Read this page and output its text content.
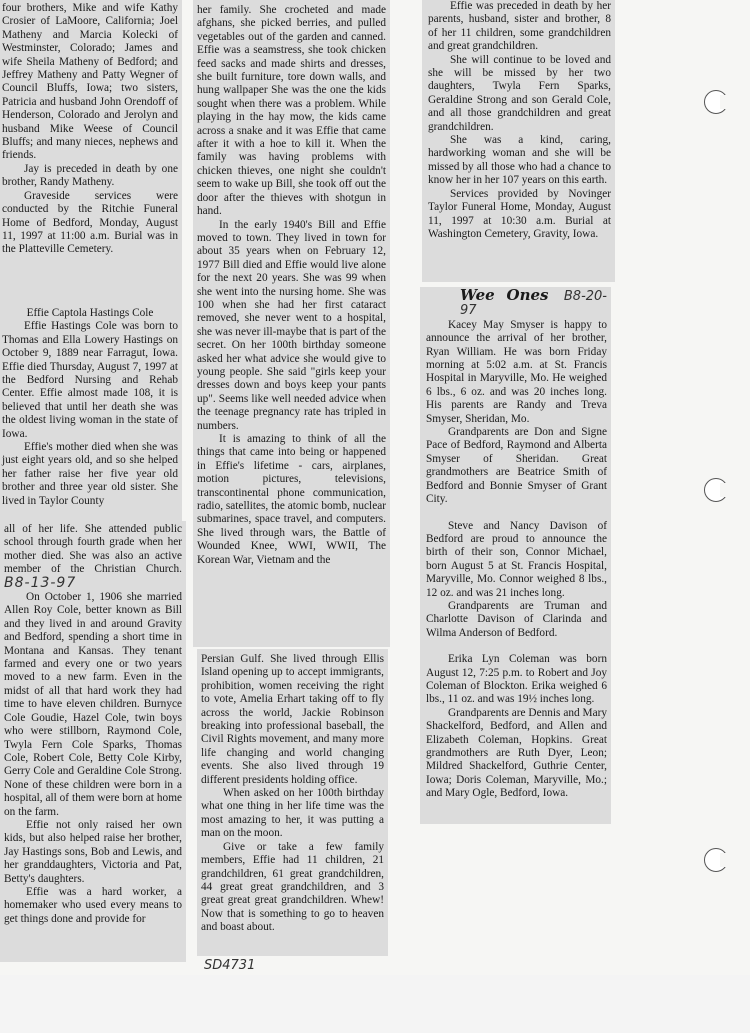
four brothers, Mike and wife Kathy Crosier of LaMoore, California; Joel Matheny and Marcia Kolecki of Westminster, Colorado; James and wife Sheila Matheny of Bedford; and Jeffrey Matheny and Patty Wegner of Council Bluffs, Iowa; two sisters, Patricia and husband John Orendoff of Henderson, Colorado and Jerolyn and husband Mike Weese of Council Bluffs; and many nieces, nephews and friends.

Jay is preceded in death by one brother, Randy Matheny.

Graveside services were conducted by the Ritchie Funeral Home of Bedford, Monday, August 11, 1997 at 11:00 a.m. Burial was in the Platteville Cemetery.

Effie Captola Hastings Cole

Effie Hastings Cole was born to Thomas and Ella Lowery Hastings on October 9, 1889 near Farragut, Iowa. Effie died Thursday, August 7, 1997 at the Bedford Nursing and Rehab Center. Effie almost made 108, it is believed that until her death she was the oldest living woman in the state of Iowa.

Effie's mother died when she was just eight years old, and so she helped her father raise her five year old brother and three year old sister. She lived in Taylor County

all of her life. She attended public school through fourth grade when her mother died. She was also an active member of the Christian Church. B8-13-97

On October 1, 1906 she married Allen Roy Cole, better known as Bill and they lived in and around Gravity and Bedford, spending a short time in Montana and Kansas. They tenant farmed and every one or two years moved to a new farm. Even in the midst of all that hard work they had time to have eleven children. Burnyce Cole Goudie, Hazel Cole, twin boys who were stillborn, Raymond Cole, Twyla Fern Cole Sparks, Thomas Cole, Robert Cole, Betty Cole Kirby, Gerry Cole and Geraldine Cole Strong. None of these children were born in a hospital, all of them were born at home on the farm.

Effie not only raised her own kids, but also helped raise her brother, Jay Hastings sons, Bob and Lewis, and her granddaughters, Victoria and Pat, Betty's daughters.

Effie was a hard worker, a homemaker who used every means to get things done and provide for

her family. She crocheted and made afghans, she picked berries, and pulled vegetables out of the garden and canned. Effie was a seamstress, she took chicken feed sacks and made shirts and dresses, she built furniture, tore down walls, and hung wallpaper She was the one the kids sought when there was a problem. While playing in the hay mow, the kids came across a snake and it was Effie that came after it with a hoe to kill it. When the family was having problems with chicken thieves, one night she couldn't seem to wake up Bill, she took off out the door after the thieves with shotgun in hand.

In the early 1940's Bill and Effie moved to town. They lived in town for about 35 years when on February 12, 1977 Bill died and Effie would live alone for the next 20 years. She was 99 when she went into the nursing home. She was 100 when she had her first cataract removed, she never went to a hospital, she was never ill-maybe that is part of the secret. On her 100th birthday someone asked her what advice she would give to young people. She said "girls keep your dresses down and boys keep your pants up". Seems like well needed advice when the teenage pregnancy rate has tripled in numbers.

It is amazing to think of all the things that came into being or happened in Effie's lifetime - cars, airplanes, motion pictures, televisions, transcontinental phone communication, radio, satellites, the atomic bomb, nuclear submarines, space travel, and computers. She lived through wars, the Battle of Wounded Knee, WWI, WWII, The Korean War, Vietnam and the

Persian Gulf. She lived through Ellis Island opening up to accept immigrants, prohibition, women receiving the right to vote, Amelia Erhart taking off to fly across the world, Jackie Robinson breaking into professional baseball, the Civil Rights movement, and many more life changing and world changing events. She also lived through 19 different presidents holding office.

When asked on her 100th birthday what one thing in her life time was the most amazing to her, it was putting a man on the moon.

Give or take a few family members, Effie had 11 children, 21 grandchildren, 61 great grandchildren, 44 great great grandchildren, and 3 great great great grandchildren. Whew! Now that is something to go to heaven and boast about.

Effie was preceded in death by her parents, husband, sister and brother, 8 of her 11 children, some grandchildren and great grandchildren.

She will continue to be loved and she will be missed by her two daughters, Twyla Fern Sparks, Geraldine Strong and son Gerald Cole, and all those grandchildren and great grandchildren.

She was a kind, caring, hardworking woman and she will be missed by all those who had a chance to know her in her 107 years on this earth.

Services provided by Novinger Taylor Funeral Home, Monday, August 11, 1997 at 10:30 a.m. Burial at Washington Cemetery, Gravity, Iowa.

Wee Ones B8-20-97

Kacey May Smyser is happy to announce the arrival of her brother, Ryan William. He was born Friday morning at 5:02 a.m. at St. Francis Hospital in Maryville, Mo. He weighed 6 lbs., 6 oz. and was 20 inches long. His parents are Randy and Treva Smyser, Sheridan, Mo.

Grandparents are Don and Signe Pace of Bedford, Raymond and Alberta Smyser of Sheridan. Great grandmothers are Beatrice Smith of Bedford and Bonnie Smyser of Grant City.

Steve and Nancy Davison of Bedford are proud to announce the birth of their son, Connor Michael, born August 5 at St. Francis Hospital, Maryville, Mo. Connor weighed 8 lbs., 12 oz. and was 21 inches long.

Grandparents are Truman and Charlotte Davison of Clarinda and Wilma Anderson of Bedford.

Erika Lyn Coleman was born August 12, 7:25 p.m. to Robert and Joy Coleman of Blockton. Erika weighed 6 lbs., 11 oz. and was 19½ inches long.

Grandparents are Dennis and Mary Shackelford, Bedford, and Allen and Elizabeth Coleman, Hopkins. Great grandmothers are Ruth Dyer, Leon; Mildred Shackelford, Guthrie Center, Iowa; Doris Coleman, Maryville, Mo.; and Mary Ogle, Bedford, Iowa.

SD4731
